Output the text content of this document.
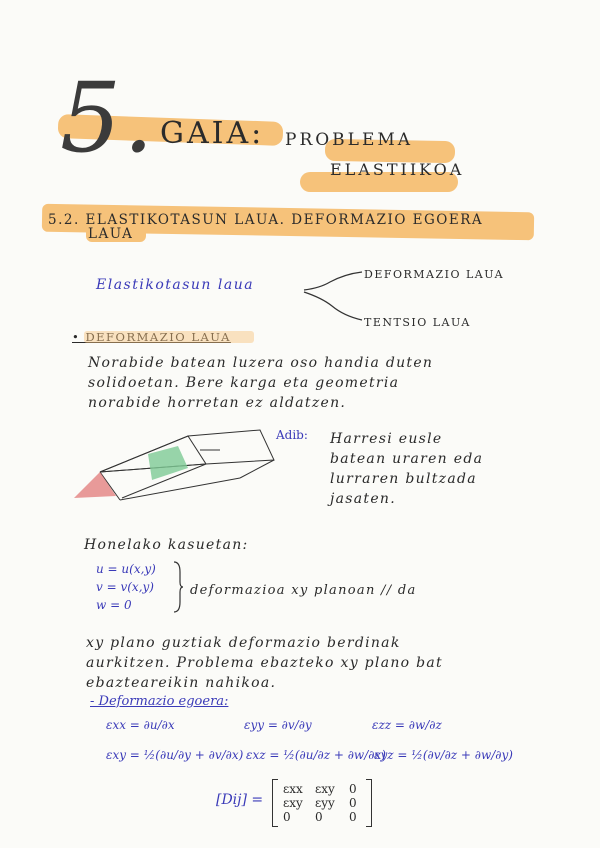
5. GAIA: PROBLEMA
ELASTIIKOA
5.2. ELASTIKOTASUN LAUA. DEFORMAZIO EGOERA
LAUA
Elastikotasun laua
DEFORMAZIO LAUA
TENTSIO LAUA
• DEFORMAZIO LAUA
Norabide batean luzera oso handia duten
solidoetan. Bere karga eta geometria
norabide horretan ez aldatzen.
Adib: Harresi eusle
batean uraren eda
lurraren bultzada
jasaten.
Honelako kasuetan:
u = u(x,y)
v = v(x,y)
w = 0
deformazioa xy planoan // da
xy plano guztiak deformazio berdinak
aurkitzen. Problema ebazteko xy plano bat
ebazteareikin nahikoa.
- Deformazio egoera:
εxx = ∂u/∂x	εyy = ∂v/∂y	εzz = ∂w/∂z
εxy = ½(∂u/∂y + ∂v/∂x) εxz = ½(∂u/∂z + ∂w/∂x)
εyz = ½(∂v/∂z + ∂w/∂y)
[Dij] =
εxx εxy 0
εxy εyy 0
0 0 0
